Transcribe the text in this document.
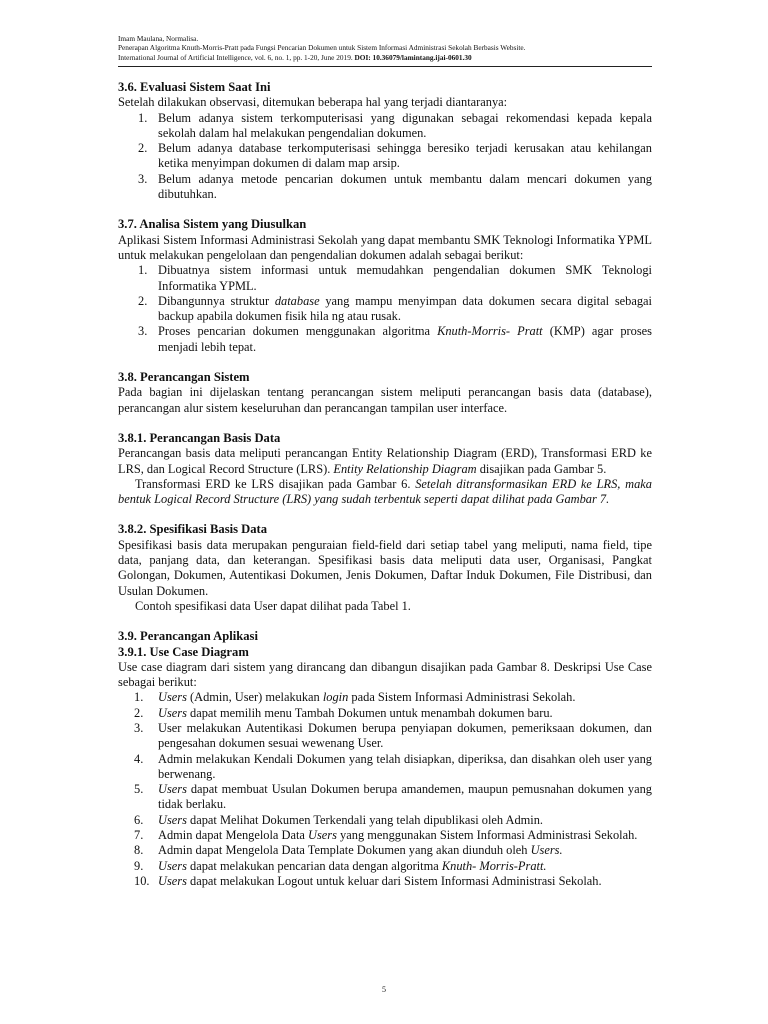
Imam Maulana, Normalisa.
Penerapan Algoritma Knuth-Morris-Pratt pada Fungsi Pencarian Dokumen untuk Sistem Informasi Administrasi Sekolah Berbasis Website.
International Journal of Artificial Intelligence, vol. 6, no. 1, pp. 1-20, June 2019. DOI: 10.36079/lamintang.ijai-0601.30
3.6. Evaluasi Sistem Saat Ini

Setelah dilakukan observasi, ditemukan beberapa hal yang terjadi diantaranya:

1. Belum adanya sistem terkomputerisasi yang digunakan sebagai rekomendasi kepada kepala sekolah dalam hal melakukan pengendalian dokumen.
2. Belum adanya database terkomputerisasi sehingga beresiko terjadi kerusakan atau kehilangan ketika menyimpan dokumen di dalam map arsip.
3. Belum adanya metode pencarian dokumen untuk membantu dalam mencari dokumen yang dibutuhkan.
3.7. Analisa Sistem yang Diusulkan

Aplikasi Sistem Informasi Administrasi Sekolah yang dapat membantu SMK Teknologi Informatika YPML untuk melakukan pengelolaan dan pengendalian dokumen adalah sebagai berikut:

1. Dibuatnya sistem informasi untuk memudahkan pengendalian dokumen SMK Teknologi Informatika YPML.
2. Dibangunnya struktur database yang mampu menyimpan data dokumen secara digital sebagai backup apabila dokumen fisik hila ng atau rusak.
3. Proses pencarian dokumen menggunakan algoritma Knuth-Morris- Pratt (KMP) agar proses menjadi lebih tepat.
3.8. Perancangan Sistem

Pada bagian ini dijelaskan tentang perancangan sistem meliputi perancangan basis data (database), perancangan alur sistem keseluruhan dan perancangan tampilan user interface.

3.8.1. Perancangan Basis Data

Perancangan basis data meliputi perancangan Entity Relationship Diagram (ERD), Transformasi ERD ke LRS, dan Logical Record Structure (LRS). Entity Relationship Diagram disajikan pada Gambar 5.

Transformasi ERD ke LRS disajikan pada Gambar 6. Setelah ditransformasikan ERD ke LRS, maka bentuk Logical Record Structure (LRS) yang sudah terbentuk seperti dapat dilihat pada Gambar 7.

3.8.2. Spesifikasi Basis Data

Spesifikasi basis data merupakan penguraian field-field dari setiap tabel yang meliputi, nama field, tipe data, panjang data, dan keterangan. Spesifikasi basis data meliputi data user, Organisasi, Pangkat Golongan, Dokumen, Autentikasi Dokumen, Jenis Dokumen, Daftar Induk Dokumen, File Distribusi, dan Usulan Dokumen.

Contoh spesifikasi data User dapat dilihat pada Tabel 1.

3.9. Perancangan Aplikasi
3.9.1. Use Case Diagram

Use case diagram dari sistem yang dirancang dan dibangun disajikan pada Gambar 8. Deskripsi Use Case sebagai berikut:

1.	Users (Admin, User) melakukan login pada Sistem Informasi Administrasi Sekolah.
2.	Users dapat memilih menu Tambah Dokumen untuk menambah dokumen baru.
3.	User melakukan Autentikasi Dokumen berupa penyiapan dokumen, pemeriksaan dokumen, dan pengesahan dokumen sesuai wewenang User.
4.	Admin melakukan Kendali Dokumen yang telah disiapkan, diperiksa, dan disahkan oleh user yang berwenang.
5.	Users dapat membuat Usulan Dokumen berupa amandemen, maupun pemusnahan dokumen yang tidak berlaku.
6.	Users dapat Melihat Dokumen Terkendali yang telah dipublikasi oleh Admin.
7.	Admin dapat Mengelola Data Users yang menggunakan Sistem Informasi Administrasi Sekolah.
8.	Admin dapat Mengelola Data Template Dokumen yang akan diunduh oleh Users.
9.	Users dapat melakukan pencarian data dengan algoritma Knuth- Morris-Pratt.
10. Users dapat melakukan Logout untuk keluar dari Sistem Informasi Administrasi Sekolah.
5
